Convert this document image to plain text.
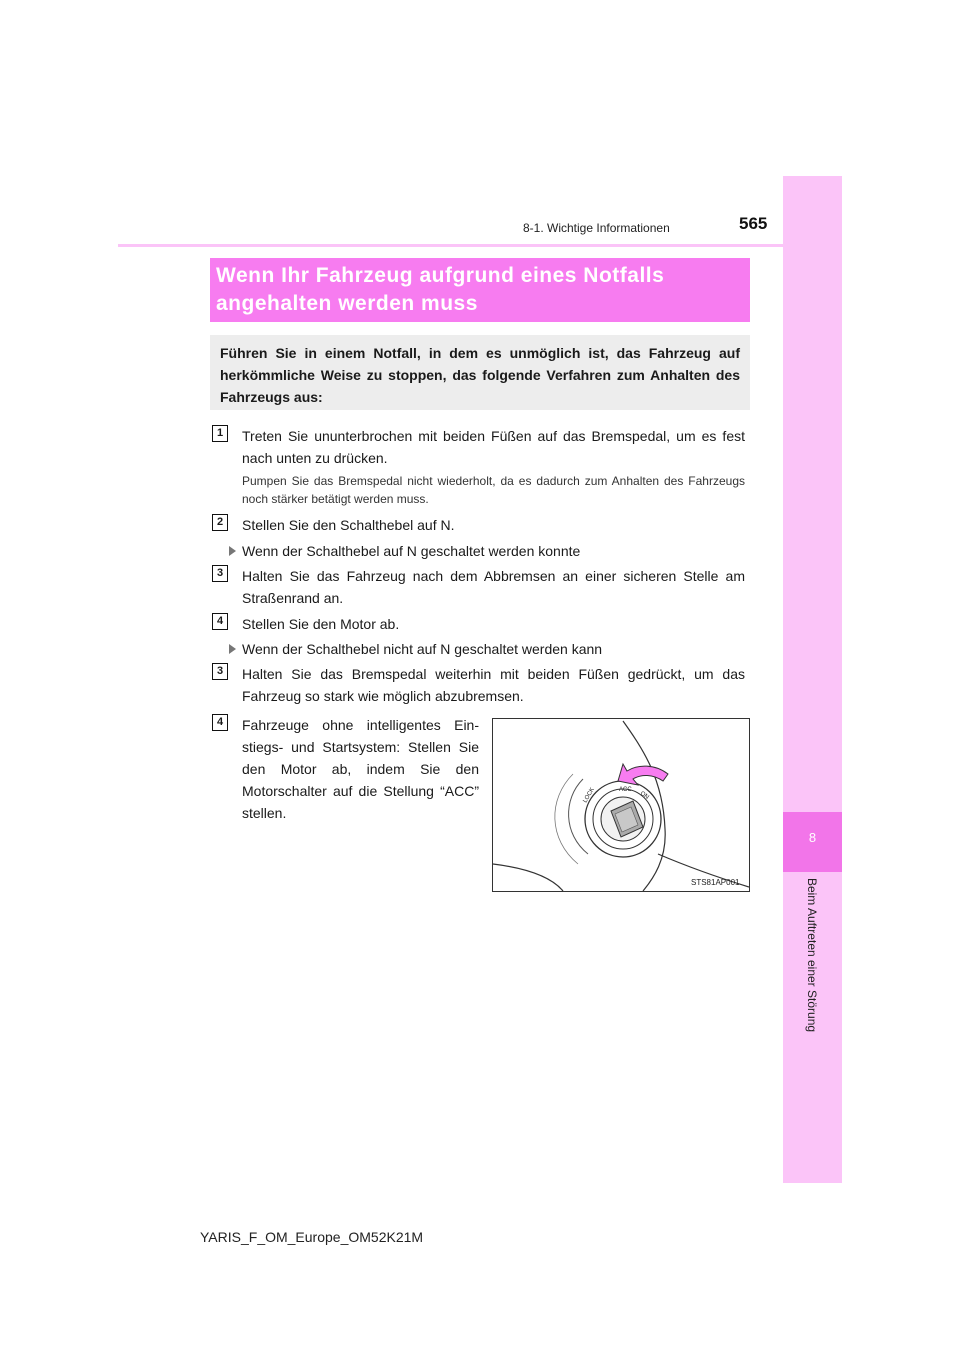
8
Beim Auftreten einer Störung
8-1. Wichtige Informationen	565
Wenn Ihr Fahrzeug aufgrund eines Notfalls angehalten werden muss
Führen Sie in einem Notfall, in dem es unmöglich ist, das Fahrzeug auf herkömmliche Weise zu stoppen, das folgende Verfahren zum Anhalten des Fahrzeugs aus:
1	Treten Sie ununterbrochen mit beiden Füßen auf das Bremspedal, um es fest nach unten zu drücken.
Pumpen Sie das Bremspedal nicht wiederholt, da es dadurch zum Anhalten des Fahrzeugs noch stärker betätigt werden muss.
2	Stellen Sie den Schalthebel auf N.
Wenn der Schalthebel auf N geschaltet werden konnte
3	Halten Sie das Fahrzeug nach dem Abbremsen an einer sicheren Stelle am Straßenrand an.
4	Stellen Sie den Motor ab.
Wenn der Schalthebel nicht auf N geschaltet werden kann
3	Halten Sie das Bremspedal weiterhin mit beiden Füßen gedrückt, um das Fahrzeug so stark wie möglich abzubremsen.
4	Fahrzeuge ohne intelligentes Ein-stiegs- und Startsystem: Stellen Sie den Motor ab, indem Sie den Motorschalter auf die Stellung “ACC” stellen.
LOCK	ACC
ON
STS81AP001
YARIS_F_OM_Europe_OM52K21M
